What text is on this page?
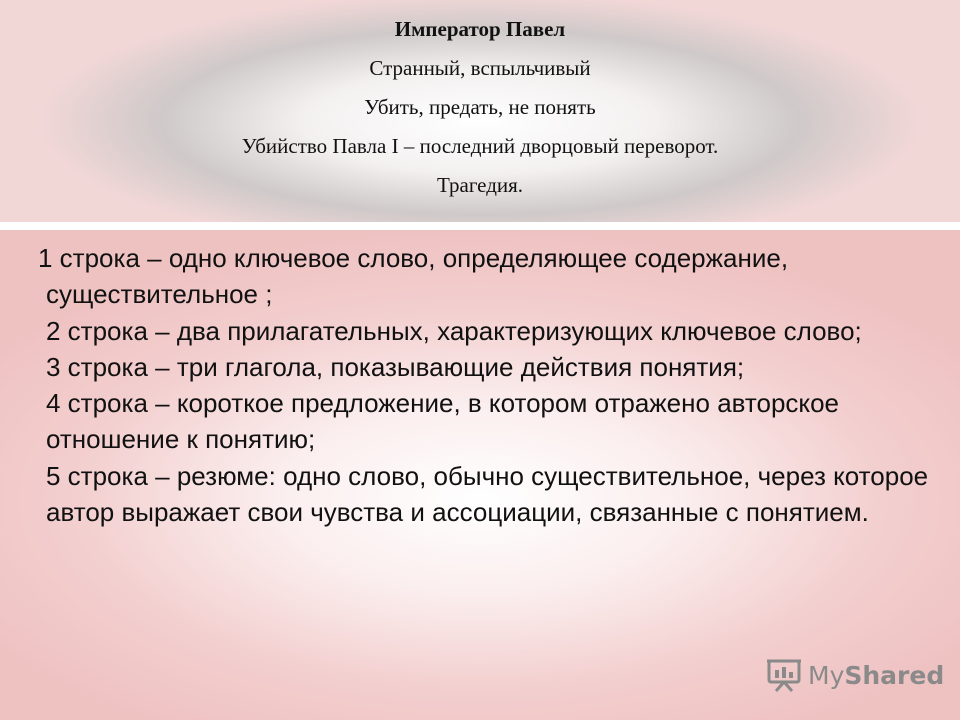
Император Павел
Странный, вспыльчивый
Убить, предать, не понять
Убийство Павла I – последний дворцовый переворот.
Трагедия.

1 строка – одно ключевое слово, определяющее содержание, существительное ;

2 строка – два прилагательных, характеризующих ключевое слово;

3 строка – три глагола, показывающие действия понятия;

4 строка – короткое предложение, в котором отражено авторское отношение к понятию;

5 строка – резюме: одно слово, обычно существительное, через которое автор выражает свои чувства и ассоциации, связанные с понятием.

MyShared
